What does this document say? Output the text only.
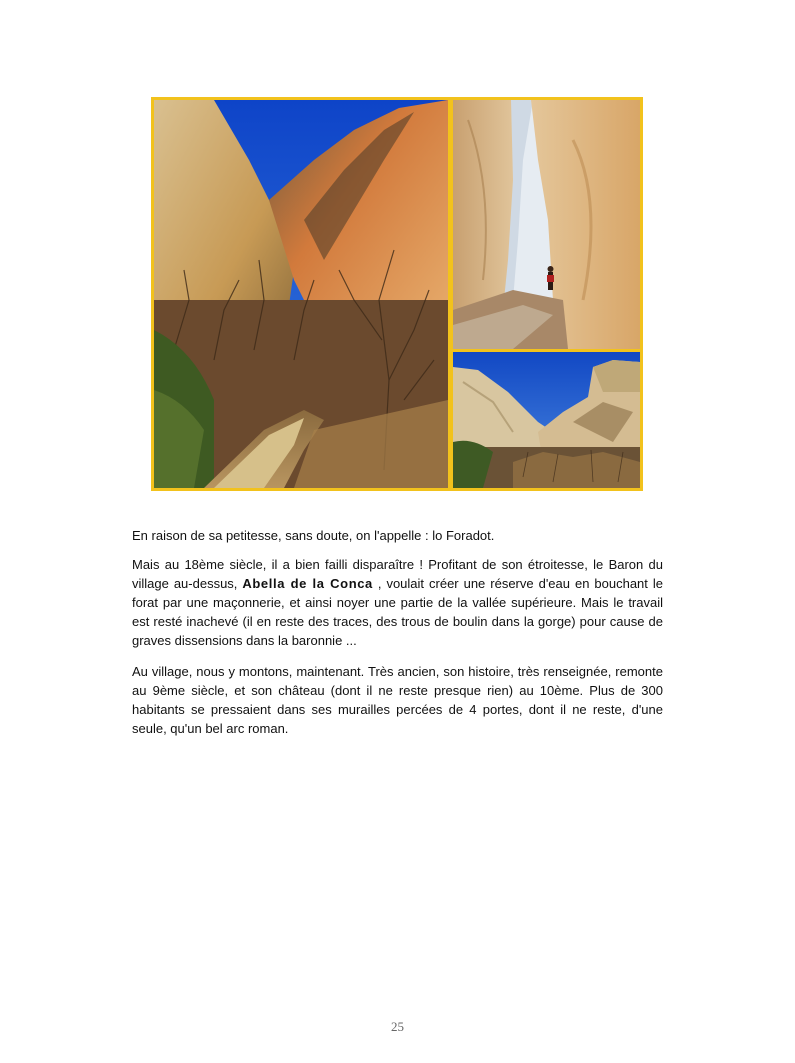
En raison de sa petitesse, sans doute, on l'appelle : lo Foradot.

Mais au 18ème siècle, il a bien failli disparaître ! Profitant de son étroitesse, le Baron du village au-dessus, Abella de la Conca , voulait créer une réserve d'eau en bouchant le forat par une maçonnerie, et ainsi noyer une partie de la vallée supérieure. Mais le travail est resté inachevé (il en reste des traces, des trous de boulin dans la gorge) pour cause de graves dissensions dans la baronnie ...

Au village, nous y montons, maintenant. Très ancien, son histoire, très renseignée, remonte au 9ème siècle, et son château (dont il ne reste presque rien) au 10ème. Plus de 300 habitants se pressaient dans ses murailles percées de 4 portes, dont il ne reste, d'une seule, qu'un bel arc roman.

25
